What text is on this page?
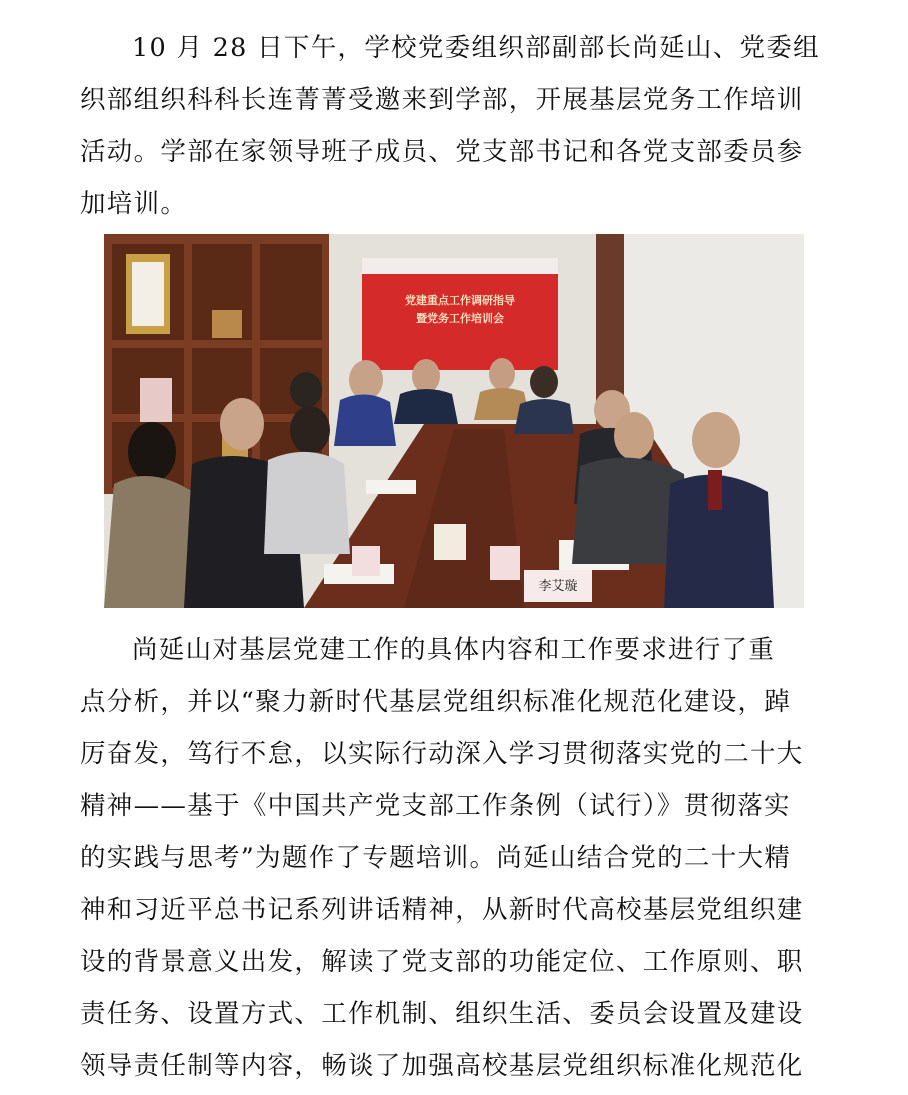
10 月 28 日下午，学校党委组织部副部长尚延山、党委组
织部组织科科长连菁菁受邀来到学部，开展基层党务工作培训
活动。学部在家领导班子成员、党支部书记和各党支部委员参
加培训。
党建重点工作调研指导
暨党务工作培训会
李艾璇
尚延山对基层党建工作的具体内容和工作要求进行了重
点分析，并以“聚力新时代基层党组织标准化规范化建设，踔
厉奋发，笃行不怠，以实际行动深入学习贯彻落实党的二十大
精神——基于《中国共产党支部工作条例（试行）》贯彻落实
的实践与思考”为题作了专题培训。尚延山结合党的二十大精
神和习近平总书记系列讲话精神，从新时代高校基层党组织建
设的背景意义出发，解读了党支部的功能定位、工作原则、职
责任务、设置方式、工作机制、组织生活、委员会设置及建设
领导责任制等内容，畅谈了加强高校基层党组织标准化规范化
